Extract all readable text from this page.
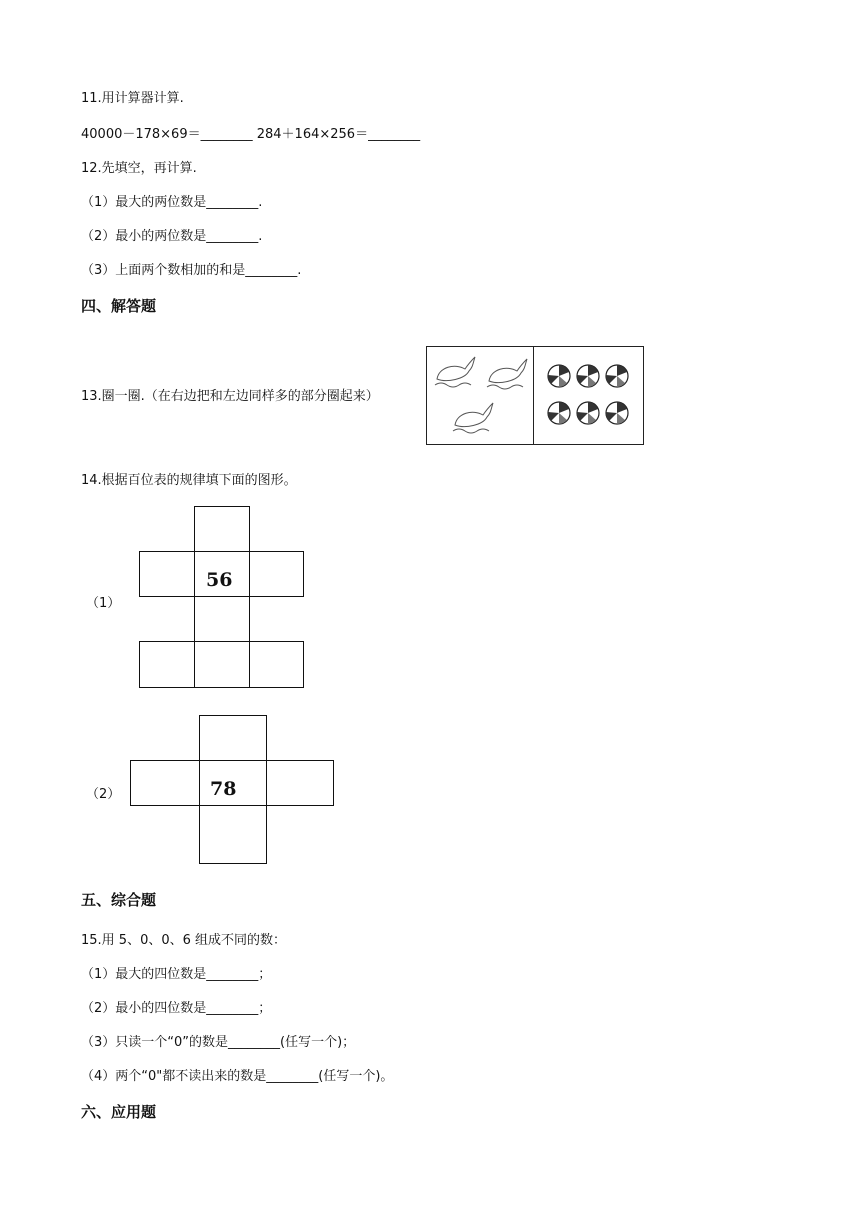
11.用计算器计算.
40000－178×69＝________ 284＋164×256＝________
12.先填空，再计算.
（1）最大的两位数是________.
（2）最小的两位数是________.
（3）上面两个数相加的和是________.
四、解答题
13.圈一圈.（在右边把和左边同样多的部分圈起来）
14.根据百位表的规律填下面的图形。
（1）
56
（2）	78
五、综合题
15.用 5、0、0、6 组成不同的数：
（1）最大的四位数是________；
（2）最小的四位数是________；
（3）只读一个“0”的数是________(任写一个)；
（4）两个“0"都不读出来的数是________(任写一个)。
六、应用题
